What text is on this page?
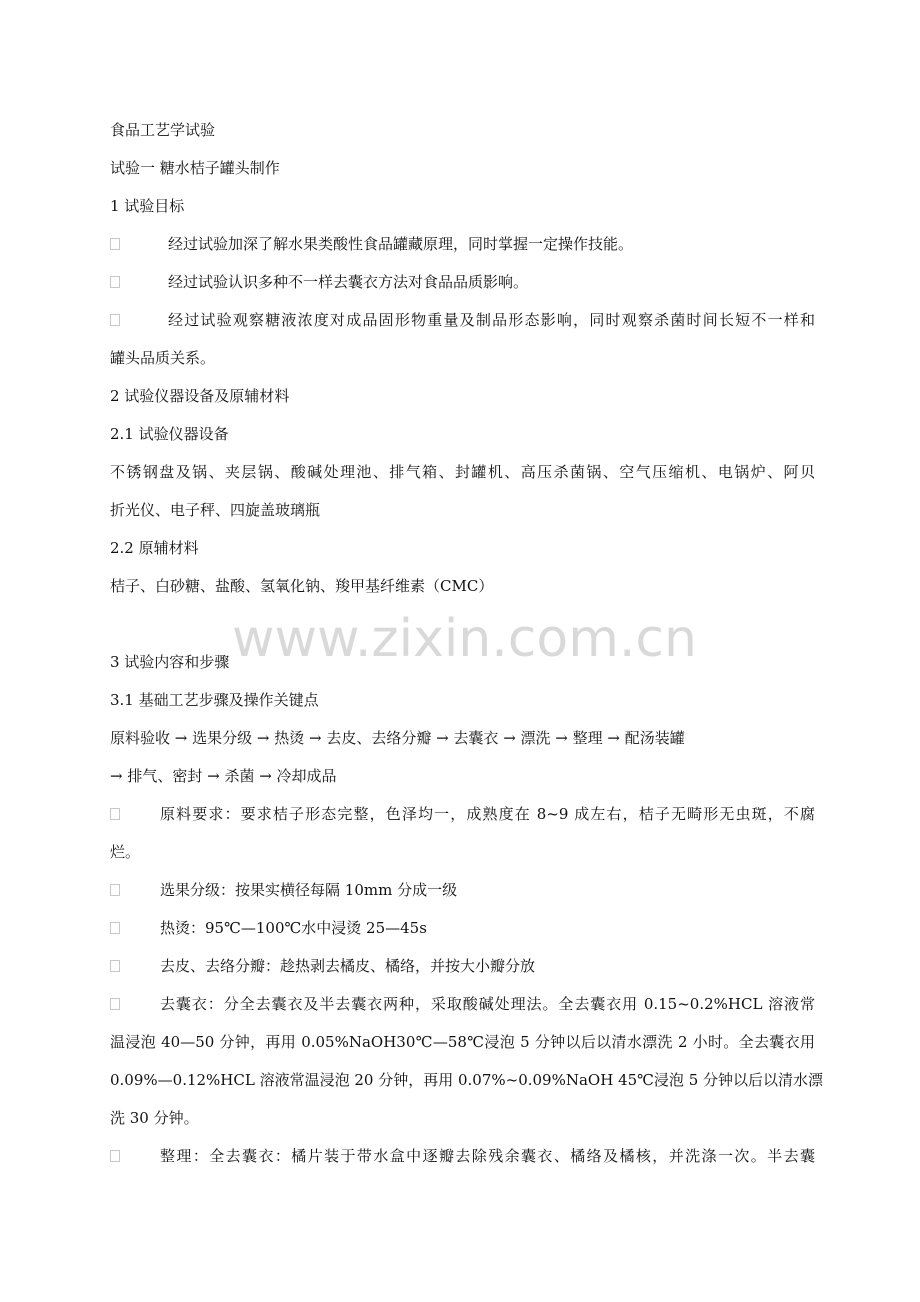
食品工艺学试验
试验一 糖水桔子罐头制作
1 试验目标
经过试验加深了解水果类酸性食品罐藏原理，同时掌握一定操作技能。
经过试验认识多种不一样去囊衣方法对食品品质影响。
经过试验观察糖液浓度对成品固形物重量及制品形态影响，同时观察杀菌时间长短不一样和
罐头品质关系。
2 试验仪器设备及原辅材料
2.1 试验仪器设备
不锈钢盘及锅、夹层锅、酸碱处理池、排气箱、封罐机、高压杀菌锅、空气压缩机、电锅炉、阿贝
折光仪、电子秤、四旋盖玻璃瓶
2.2 原辅材料
桔子、白砂糖、盐酸、氢氧化钠、羧甲基纤维素（CMC）
www.zixin.com.cn
3 试验内容和步骤
3.1 基础工艺步骤及操作关键点
原料验收 → 选果分级 → 热烫 → 去皮、去络分瓣 → 去囊衣 → 漂洗 → 整理 → 配汤装罐
→ 排气、密封 → 杀菌 → 冷却成品
原料要求：要求桔子形态完整，色泽均一，成熟度在 8~9 成左右，桔子无畸形无虫斑，不腐
烂。
选果分级：按果实横径每隔 10mm 分成一级
热烫：95℃—100℃水中浸烫 25—45s
去皮、去络分瓣：趁热剥去橘皮、橘络，并按大小瓣分放
去囊衣：分全去囊衣及半去囊衣两种，采取酸碱处理法。全去囊衣用 0.15~0.2%HCL 溶液常
温浸泡 40—50 分钟，再用 0.05%NaOH30℃—58℃浸泡 5 分钟以后以清水漂洗 2 小时。全去囊衣用
0.09%—0.12%HCL 溶液常温浸泡 20 分钟，再用 0.07%~0.09%NaOH 45℃浸泡 5 分钟以后以清水漂
洗 30 分钟。
整理：全去囊衣：橘片装于带水盒中逐瓣去除残余囊衣、橘络及橘核，并洗涤一次。半去囊
